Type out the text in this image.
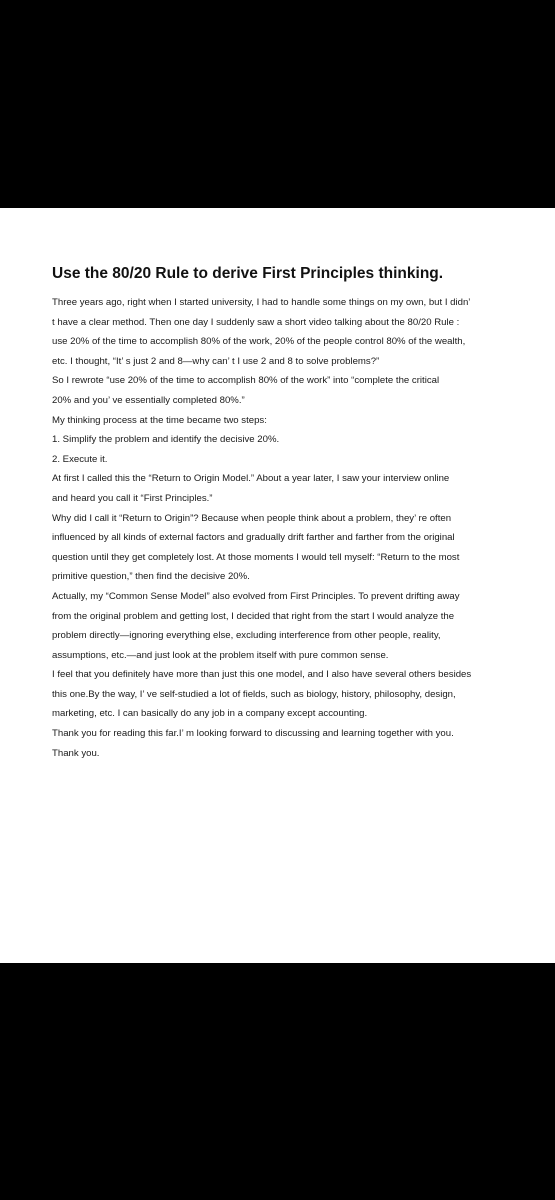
Use the 80/20 Rule to derive First Principles thinking.
Three years ago, right when I started university, I had to handle some things on my own, but I didn’
t have a clear method. Then one day I suddenly saw a short video talking about the 80/20 Rule :
use 20% of the time to accomplish 80% of the work, 20% of the people control 80% of the wealth,
etc. I thought, “It’ s just 2 and 8—why can’ t I use 2 and 8 to solve problems?”
So I rewrote “use 20% of the time to accomplish 80% of the work” into “complete the critical
20% and you’ ve essentially completed 80%.”
My thinking process at the time became two steps:
1. Simplify the problem and identify the decisive 20%.
2. Execute it.
At first I called this the “Return to Origin Model.” About a year later, I saw your interview online
and heard you call it “First Principles.”
Why did I call it “Return to Origin”? Because when people think about a problem, they’ re often
influenced by all kinds of external factors and gradually drift farther and farther from the original
question until they get completely lost. At those moments I would tell myself: “Return to the most
primitive question,” then find the decisive 20%.
Actually, my “Common Sense Model” also evolved from First Principles. To prevent drifting away
from the original problem and getting lost, I decided that right from the start I would analyze the
problem directly—ignoring everything else, excluding interference from other people, reality,
assumptions, etc.—and just look at the problem itself with pure common sense.
I feel that you definitely have more than just this one model, and I also have several others besides
this one.By the way, I’ ve self-studied a lot of fields, such as biology, history, philosophy, design,
marketing, etc. I can basically do any job in a company except accounting.
Thank you for reading this far.I’ m looking forward to discussing and learning together with you.
Thank you.
